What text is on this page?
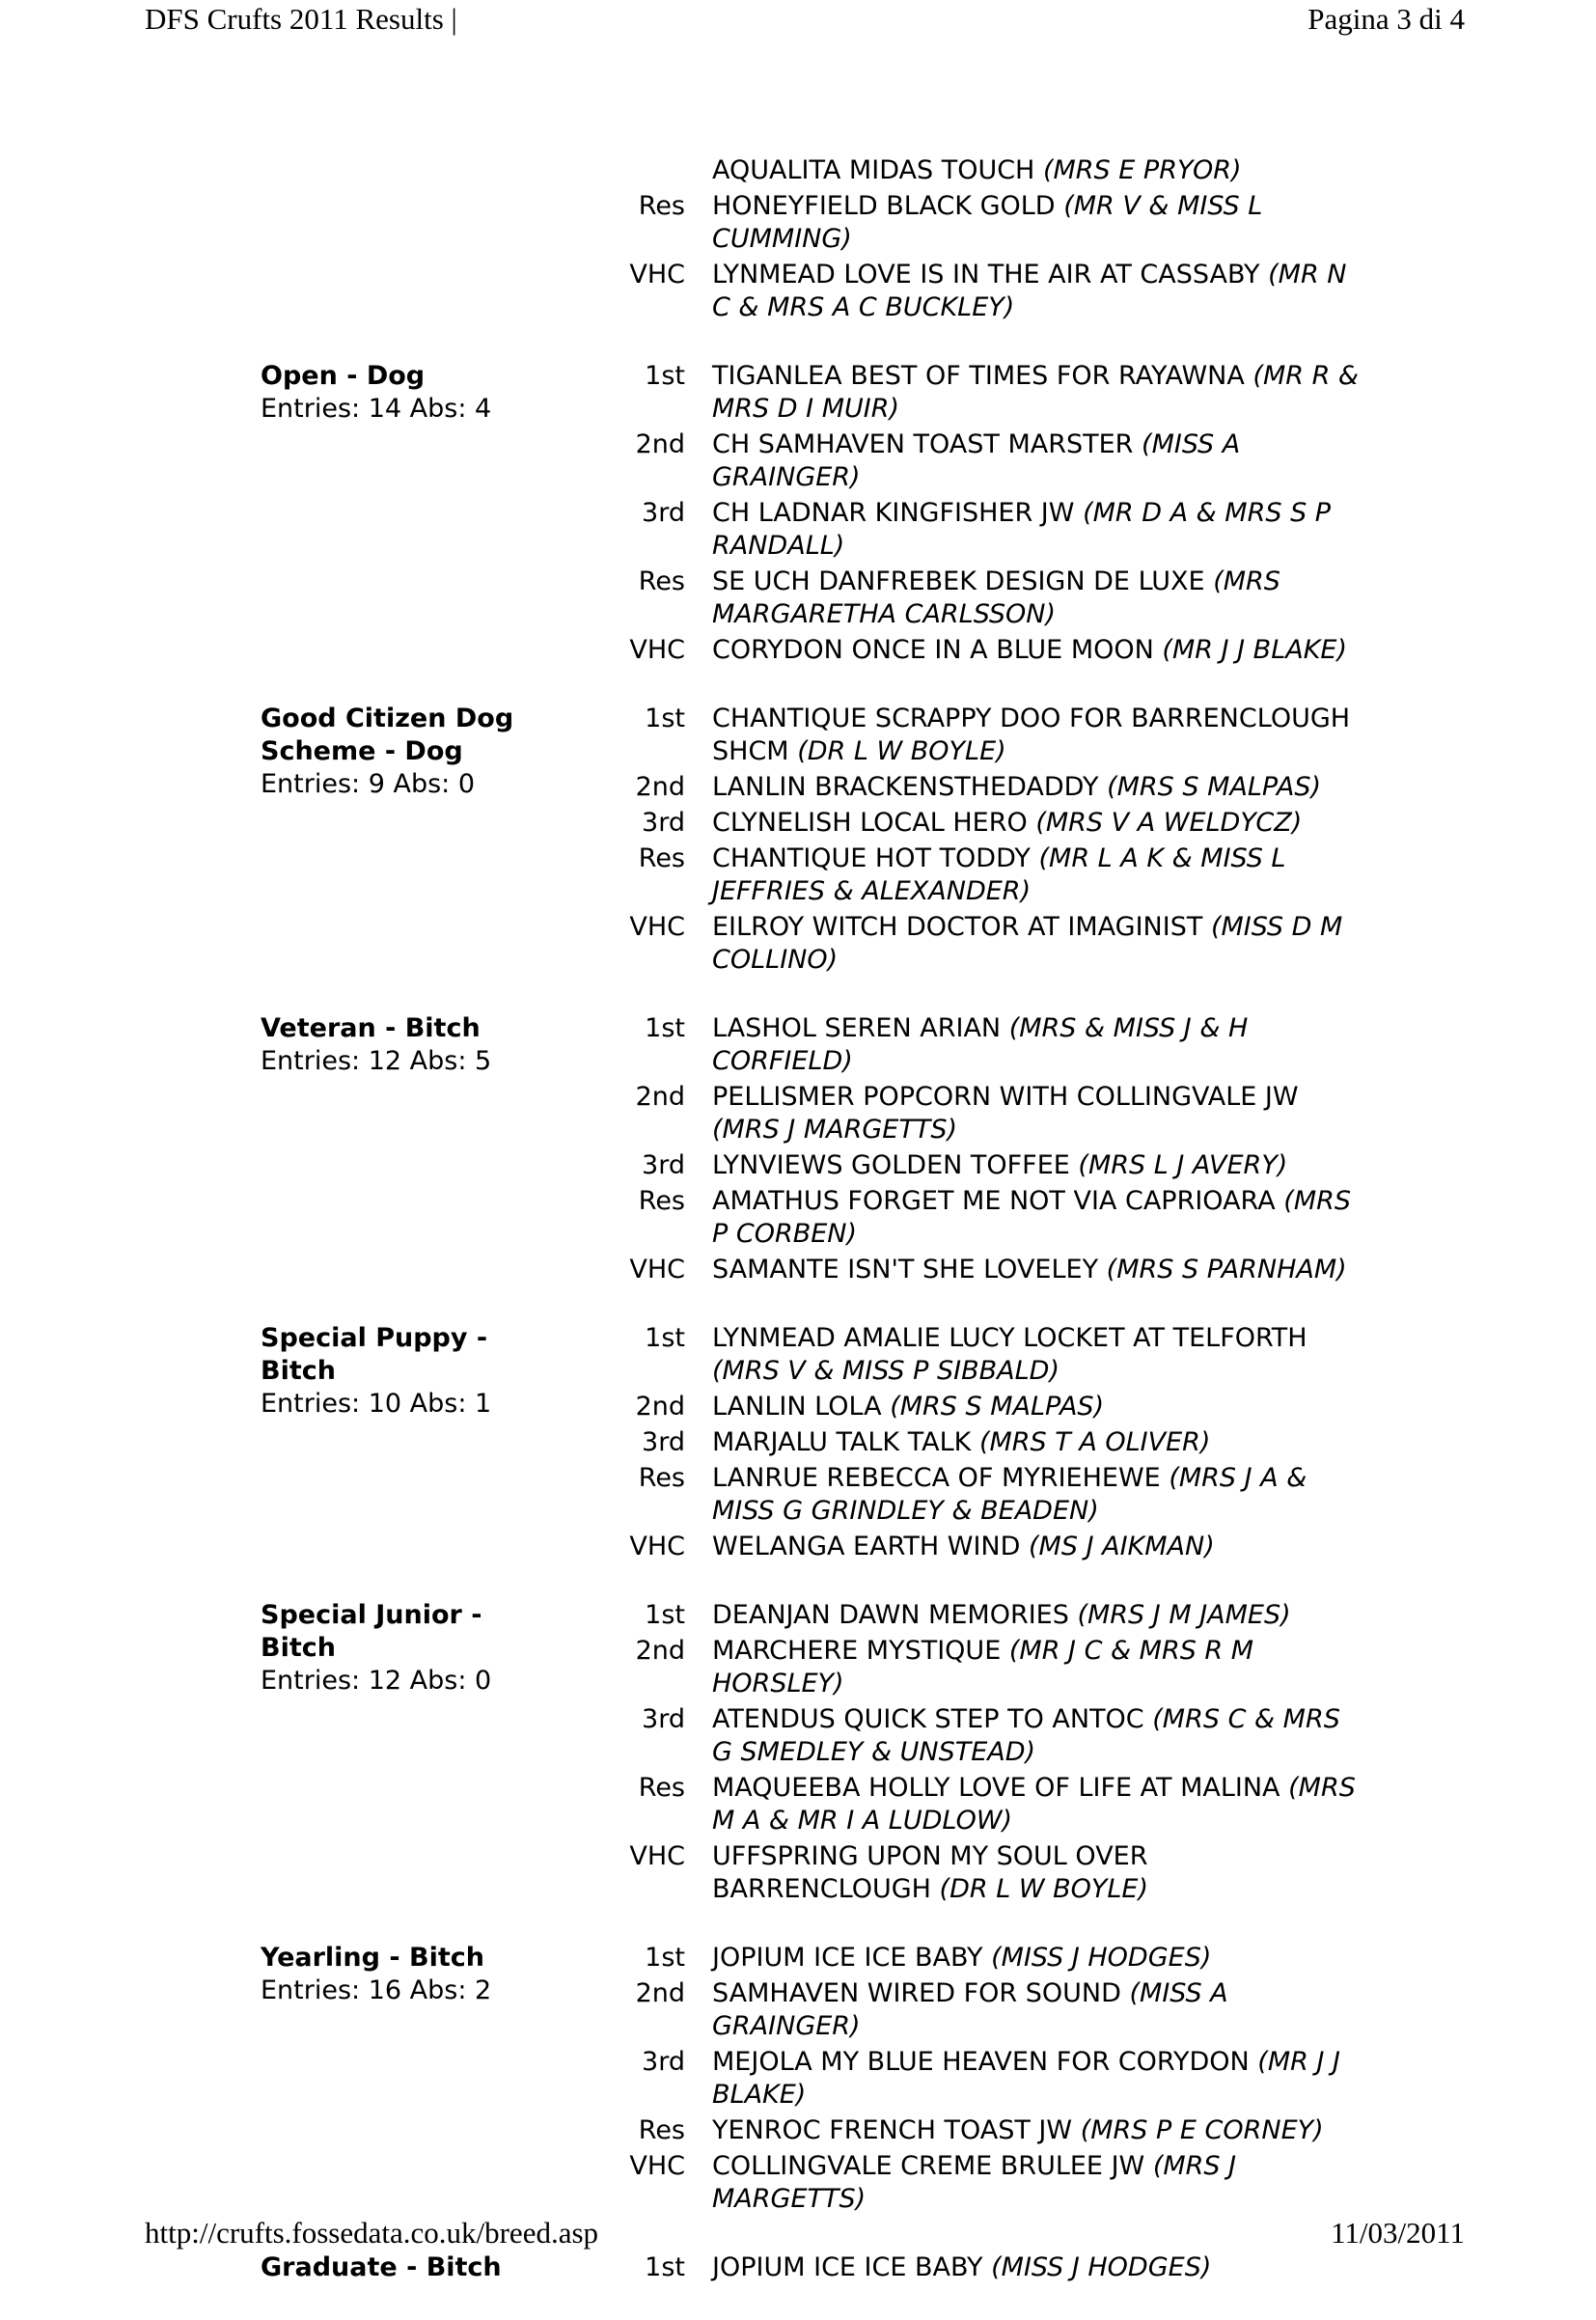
DFS Crufts 2011 Results |	Pagina 3 di 4
AQUALITA MIDAS TOUCH (MRS E PRYOR)
Res	HONEYFIELD BLACK GOLD (MR V & MISS L CUMMING)
VHC	LYNMEAD LOVE IS IN THE AIR AT CASSABY (MR N C & MRS A C BUCKLEY)
Open - Dog
Entries: 14 Abs: 4
1st	TIGANLEA BEST OF TIMES FOR RAYAWNA (MR R & MRS D I MUIR)
2nd	CH SAMHAVEN TOAST MARSTER (MISS A GRAINGER)
3rd	CH LADNAR KINGFISHER JW (MR D A & MRS S P RANDALL)
Res	SE UCH DANFREBEK DESIGN DE LUXE (MRS MARGARETHA CARLSSON)
VHC	CORYDON ONCE IN A BLUE MOON (MR J J BLAKE)
Good Citizen Dog Scheme - Dog
Entries: 9 Abs: 0
1st	CHANTIQUE SCRAPPY DOO FOR BARRENCLOUGH SHCM (DR L W BOYLE)
2nd	LANLIN BRACKENSTHEDADDY (MRS S MALPAS)
3rd	CLYNELISH LOCAL HERO (MRS V A WELDYCZ)
Res	CHANTIQUE HOT TODDY (MR L A K & MISS L JEFFRIES & ALEXANDER)
VHC	EILROY WITCH DOCTOR AT IMAGINIST (MISS D M COLLINO)
Veteran - Bitch
Entries: 12 Abs: 5
1st	LASHOL SEREN ARIAN (MRS & MISS J & H CORFIELD)
2nd	PELLISMER POPCORN WITH COLLINGVALE JW (MRS J MARGETTS)
3rd	LYNVIEWS GOLDEN TOFFEE (MRS L J AVERY)
Res	AMATHUS FORGET ME NOT VIA CAPRIOARA (MRS P CORBEN)
VHC	SAMANTE ISN'T SHE LOVELEY (MRS S PARNHAM)
Special Puppy - Bitch
Entries: 10 Abs: 1
1st	LYNMEAD AMALIE LUCY LOCKET AT TELFORTH (MRS V & MISS P SIBBALD)
2nd	LANLIN LOLA (MRS S MALPAS)
3rd	MARJALU TALK TALK (MRS T A OLIVER)
Res	LANRUE REBECCA OF MYRIEHEWE (MRS J A & MISS G GRINDLEY & BEADEN)
VHC	WELANGA EARTH WIND (MS J AIKMAN)
Special Junior - Bitch
Entries: 12 Abs: 0
1st	DEANJAN DAWN MEMORIES (MRS J M JAMES)
2nd	MARCHERE MYSTIQUE (MR J C & MRS R M HORSLEY)
3rd	ATENDUS QUICK STEP TO ANTOC (MRS C & MRS G SMEDLEY & UNSTEAD)
Res	MAQUEEBA HOLLY LOVE OF LIFE AT MALINA (MRS M A & MR I A LUDLOW)
VHC	UFFSPRING UPON MY SOUL OVER BARRENCLOUGH (DR L W BOYLE)
Yearling - Bitch
Entries: 16 Abs: 2
1st	JOPIUM ICE ICE BABY (MISS J HODGES)
2nd	SAMHAVEN WIRED FOR SOUND (MISS A GRAINGER)
3rd	MEJOLA MY BLUE HEAVEN FOR CORYDON (MR J J BLAKE)
Res	YENROC FRENCH TOAST JW (MRS P E CORNEY)
VHC	COLLINGVALE CREME BRULEE JW (MRS J MARGETTS)
Graduate - Bitch	1st	JOPIUM ICE ICE BABY (MISS J HODGES)
http://crufts.fossedata.co.uk/breed.asp	11/03/2011
